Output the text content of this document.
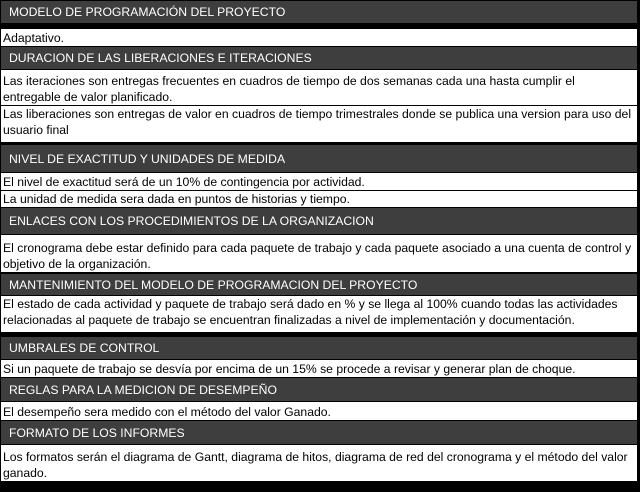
MODELO DE PROGRAMACIÓN DEL PROYECTO
Adaptativo.
DURACION DE LAS LIBERACIONES E ITERACIONES
Las iteraciones son entregas frecuentes en cuadros de tiempo de dos semanas cada una hasta cumplir el entregable de valor planificado.
Las liberaciones son entregas de valor en cuadros de tiempo trimestrales donde se publica una version para uso del usuario final
NIVEL DE EXACTITUD Y UNIDADES DE MEDIDA
El nivel de exactitud será de un 10% de contingencia por actividad.
La unidad de medida sera dada en puntos de historias y tiempo.
ENLACES CON LOS PROCEDIMIENTOS DE LA ORGANIZACION
El cronograma debe estar definido para cada paquete de trabajo y cada paquete asociado a una cuenta de control y objetivo de la organización.
MANTENIMIENTO DEL MODELO DE PROGRAMACION DEL PROYECTO
El estado de cada actividad y paquete de trabajo será dado en % y se llega al 100% cuando todas las actividades relacionadas al paquete de trabajo se encuentran finalizadas a nivel de implementación y documentación.
UMBRALES DE CONTROL
Si un paquete de trabajo se desvía por encima de un 15% se procede a revisar y generar plan de choque.
REGLAS PARA LA MEDICION DE DESEMPEÑO
El desempeño sera medido con el método del valor Ganado.
FORMATO DE LOS INFORMES
Los formatos serán el diagrama de Gantt, diagrama de hitos, diagrama de red del cronograma y el método del valor ganado.
